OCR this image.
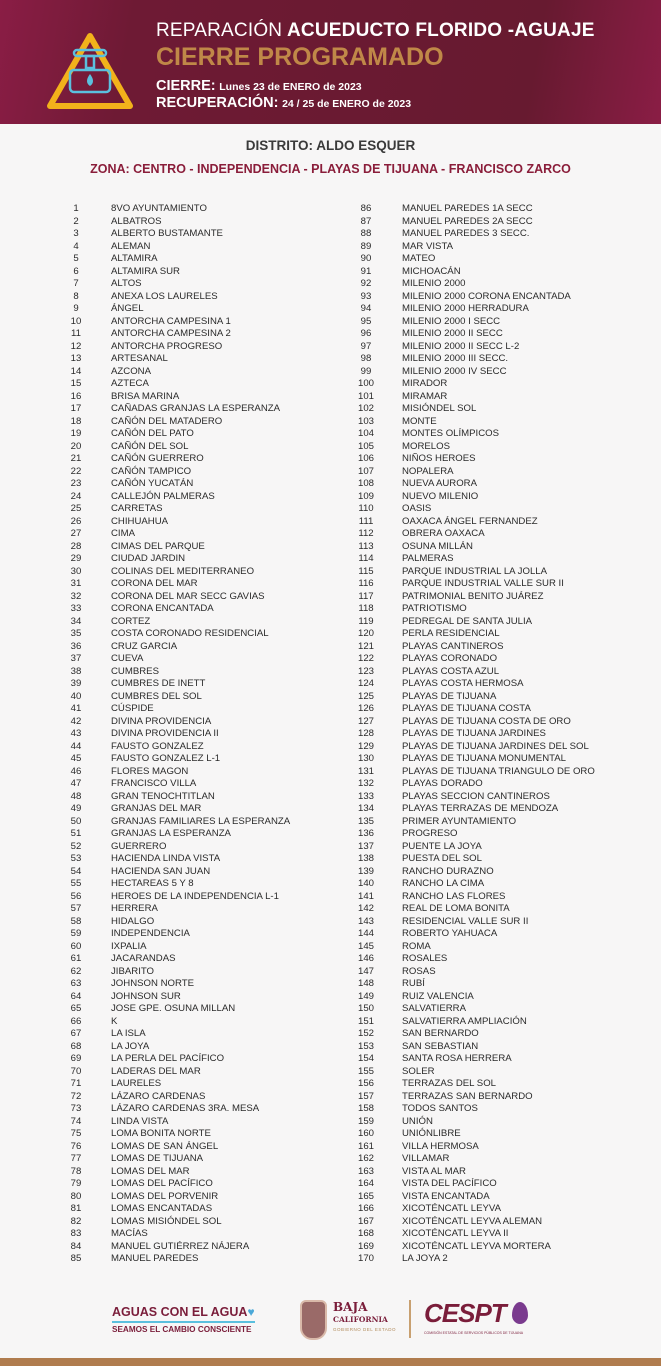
REPARACIÓN ACUEDUCTO FLORIDO -AGUAJE
CIERRE PROGRAMADO
CIERRE: Lunes 23 de ENERO de 2023
RECUPERACIÓN: 24 / 25 de ENERO de 2023
DISTRITO: ALDO ESQUER
ZONA: CENTRO - INDEPENDENCIA - PLAYAS DE TIJUANA - FRANCISCO ZARCO
1	8VO AYUNTAMIENTO
2	ALBATROS
3	ALBERTO BUSTAMANTE
4	ALEMAN
5	ALTAMIRA
6	ALTAMIRA SUR
7	ALTOS
8	ANEXA LOS LAURELES
9	ÁNGEL
10	ANTORCHA CAMPESINA 1
11	ANTORCHA CAMPESINA 2
12	ANTORCHA PROGRESO
13	ARTESANAL
14	AZCONA
15	AZTECA
16	BRISA MARINA
17	CAÑADAS GRANJAS LA ESPERANZA
18	CAÑÓN DEL MATADERO
19	CAÑÓN DEL PATO
20	CAÑÓN DEL SOL
21	CAÑÓN GUERRERO
22	CAÑÓN TAMPICO
23	CAÑÓN YUCATÁN
24	CALLEJÓN PALMERAS
25	CARRETAS
26	CHIHUAHUA
27	CIMA
28	CIMAS DEL PARQUE
29	CIUDAD JARDIN
30	COLINAS DEL MEDITERRANEO
31	CORONA DEL MAR
32	CORONA DEL MAR SECC GAVIAS
33	CORONA ENCANTADA
34	CORTEZ
35	COSTA CORONADO RESIDENCIAL
36	CRUZ GARCIA
37	CUEVA
38	CUMBRES
39	CUMBRES DE INETT
40	CUMBRES DEL SOL
41	CÚSPIDE
42	DIVINA PROVIDENCIA
43	DIVINA PROVIDENCIA II
44	FAUSTO GONZALEZ
45	FAUSTO GONZALEZ L-1
46	FLORES MAGON
47	FRANCISCO VILLA
48	GRAN TENOCHTITLAN
49	GRANJAS DEL MAR
50	GRANJAS FAMILIARES LA ESPERANZA
51	GRANJAS LA ESPERANZA
52	GUERRERO
53	HACIENDA LINDA VISTA
54	HACIENDA SAN JUAN
55	HECTAREAS 5 Y 8
56	HEROES DE LA INDEPENDENCIA L-1
57	HERRERA
58	HIDALGO
59	INDEPENDENCIA
60	IXPALIA
61	JACARANDAS
62	JIBARITO
63	JOHNSON NORTE
64	JOHNSON SUR
65	JOSE GPE. OSUNA MILLAN
66	K
67	LA ISLA
68	LA JOYA
69	LA PERLA DEL PACÍFICO
70	LADERAS DEL MAR
71	LAURELES
72	LÁZARO CARDENAS
73	LÁZARO CARDENAS 3RA. MESA
74	LINDA VISTA
75	LOMA BONITA NORTE
76	LOMAS DE SAN ÁNGEL
77	LOMAS DE TIJUANA
78	LOMAS DEL MAR
79	LOMAS DEL PACÍFICO
80	LOMAS DEL PORVENIR
81	LOMAS ENCANTADAS
82	LOMAS MISIÓNDEL SOL
83	MACÍAS
84	MANUEL GUTIÉRREZ NÁJERA
85	MANUEL PAREDES
86	MANUEL PAREDES 1A SECC
87	MANUEL PAREDES 2A SECC
88	MANUEL PAREDES 3 SECC.
89	MAR VISTA
90	MATEO
91	MICHOACÁN
92	MILENIO 2000
93	MILENIO 2000 CORONA ENCANTADA
94	MILENIO 2000 HERRADURA
95	MILENIO 2000 I SECC
96	MILENIO 2000 II SECC
97	MILENIO 2000 II SECC L-2
98	MILENIO 2000 III SECC.
99	MILENIO 2000 IV SECC
100	MIRADOR
101	MIRAMAR
102	MISIÓNDEL SOL
103	MONTE
104	MONTES OLÍMPICOS
105	MORELOS
106	NIÑOS HEROES
107	NOPALERA
108	NUEVA AURORA
109	NUEVO MILENIO
110	OASIS
111	OAXACA ÁNGEL FERNANDEZ
112	OBRERA OAXACA
113	OSUNA MILLÁN
114	PALMERAS
115	PARQUE INDUSTRIAL LA JOLLA
116	PARQUE INDUSTRIAL VALLE SUR II
117	PATRIMONIAL BENITO JUÁREZ
118	PATRIOTISMO
119	PEDREGAL DE SANTA JULIA
120	PERLA RESIDENCIAL
121	PLAYAS CANTINEROS
122	PLAYAS CORONADO
123	PLAYAS COSTA AZUL
124	PLAYAS COSTA HERMOSA
125	PLAYAS DE TIJUANA
126	PLAYAS DE TIJUANA COSTA
127	PLAYAS DE TIJUANA COSTA DE ORO
128	PLAYAS DE TIJUANA JARDINES
129	PLAYAS DE TIJUANA JARDINES DEL SOL
130	PLAYAS DE TIJUANA MONUMENTAL
131	PLAYAS DE TIJUANA TRIANGULO DE ORO
132	PLAYAS DORADO
133	PLAYAS SECCION CANTINEROS
134	PLAYAS TERRAZAS DE MENDOZA
135	PRIMER AYUNTAMIENTO
136	PROGRESO
137	PUENTE LA JOYA
138	PUESTA DEL SOL
139	RANCHO DURAZNO
140	RANCHO LA CIMA
141	RANCHO LAS FLORES
142	REAL DE LOMA BONITA
143	RESIDENCIAL VALLE SUR II
144	ROBERTO YAHUACA
145	ROMA
146	ROSALES
147	ROSAS
148	RUBÍ
149	RUIZ VALENCIA
150	SALVATIERRA
151	SALVATIERRA AMPLIACIÓN
152	SAN BERNARDO
153	SAN SEBASTIAN
154	SANTA ROSA HERRERA
155	SOLER
156	TERRAZAS DEL SOL
157	TERRAZAS SAN BERNARDO
158	TODOS SANTOS
159	UNIÓN
160	UNIÓNLIBRE
161	VILLA HERMOSA
162	VILLAMAR
163	VISTA AL MAR
164	VISTA DEL PACÍFICO
165	VISTA ENCANTADA
166	XICOTÉNCATL LEYVA
167	XICOTÉNCATL LEYVA ALEMAN
168	XICOTÉNCATL LEYVA II
169	XICOTÉNCATL LEYVA MORTERA
170	LA JOYA 2
AGUAS CON EL AGUA♥
SEAMOS EL CAMBIO CONSCIENTE
BAJA
CALIFORNIA
GOBIERNO DEL ESTADO
CESPT
COMISIÓN ESTATAL DE SERVICIOS PÚBLICOS DE TIJUANA
